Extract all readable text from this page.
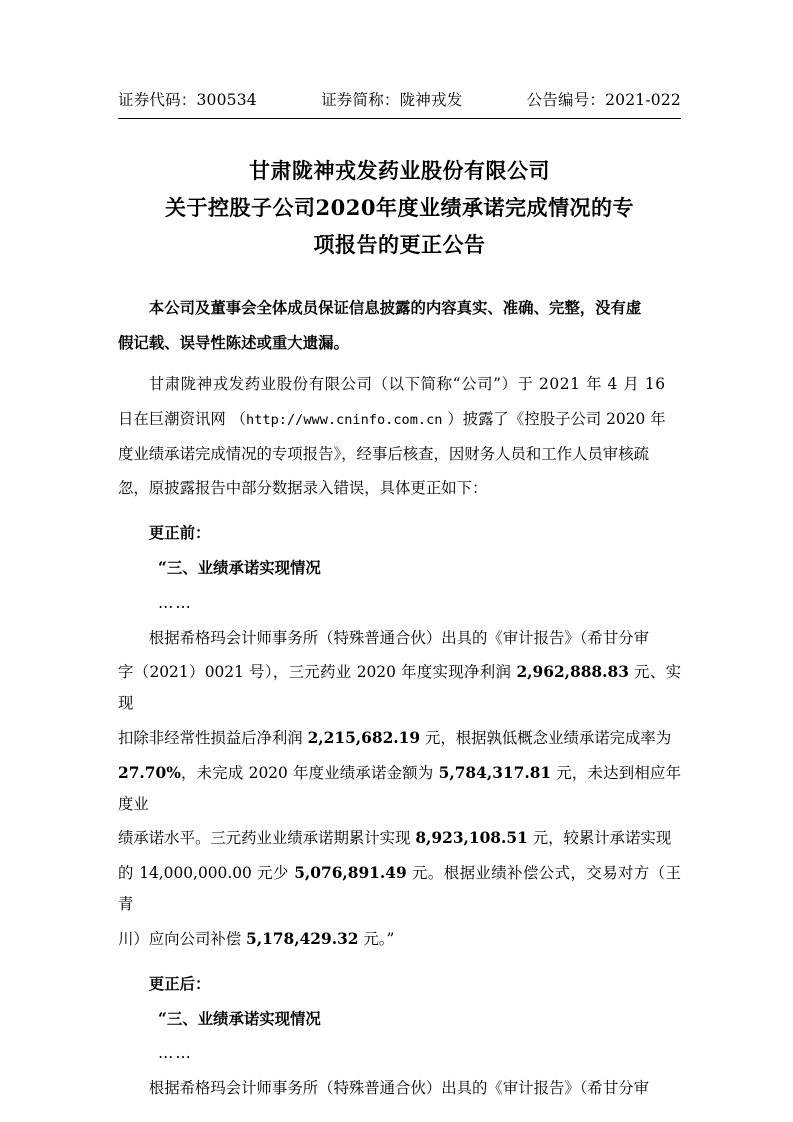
证券代码：300534	证券简称：陇神戎发	公告编号：2021-022
甘肃陇神戎发药业股份有限公司
关于控股子公司2020年度业绩承诺完成情况的专
项报告的更正公告

本公司及董事会全体成员保证信息披露的内容真实、准确、完整，没有虚

假记载、误导性陈述或重大遗漏。

甘肃陇神戎发药业股份有限公司（以下简称“公司”）于 2021 年 4 月 16

日在巨潮资讯网 （http://www.cninfo.com.cn ）披露了《控股子公司 2020 年

度业绩承诺完成情况的专项报告》，经事后核查，因财务人员和工作人员审核疏

忽，原披露报告中部分数据录入错误，具体更正如下：

更正前：

“三、业绩承诺实现情况

……

根据希格玛会计师事务所（特殊普通合伙）出具的《审计报告》（希甘分审

字（2021）0021 号），三元药业 2020 年度实现净利润 2,962,888.83 元、实现

扣除非经常性损益后净利润 2,215,682.19 元，根据孰低概念业绩承诺完成率为

27.70%，未完成 2020 年度业绩承诺金额为 5,784,317.81 元，未达到相应年度业

绩承诺水平。三元药业业绩承诺期累计实现 8,923,108.51 元，较累计承诺实现

的 14,000,000.00 元少 5,076,891.49 元。根据业绩补偿公式，交易对方（王青

川）应向公司补偿 5,178,429.32 元。”

更正后：

“三、业绩承诺实现情况

……

根据希格玛会计师事务所（特殊普通合伙）出具的《审计报告》（希甘分审
